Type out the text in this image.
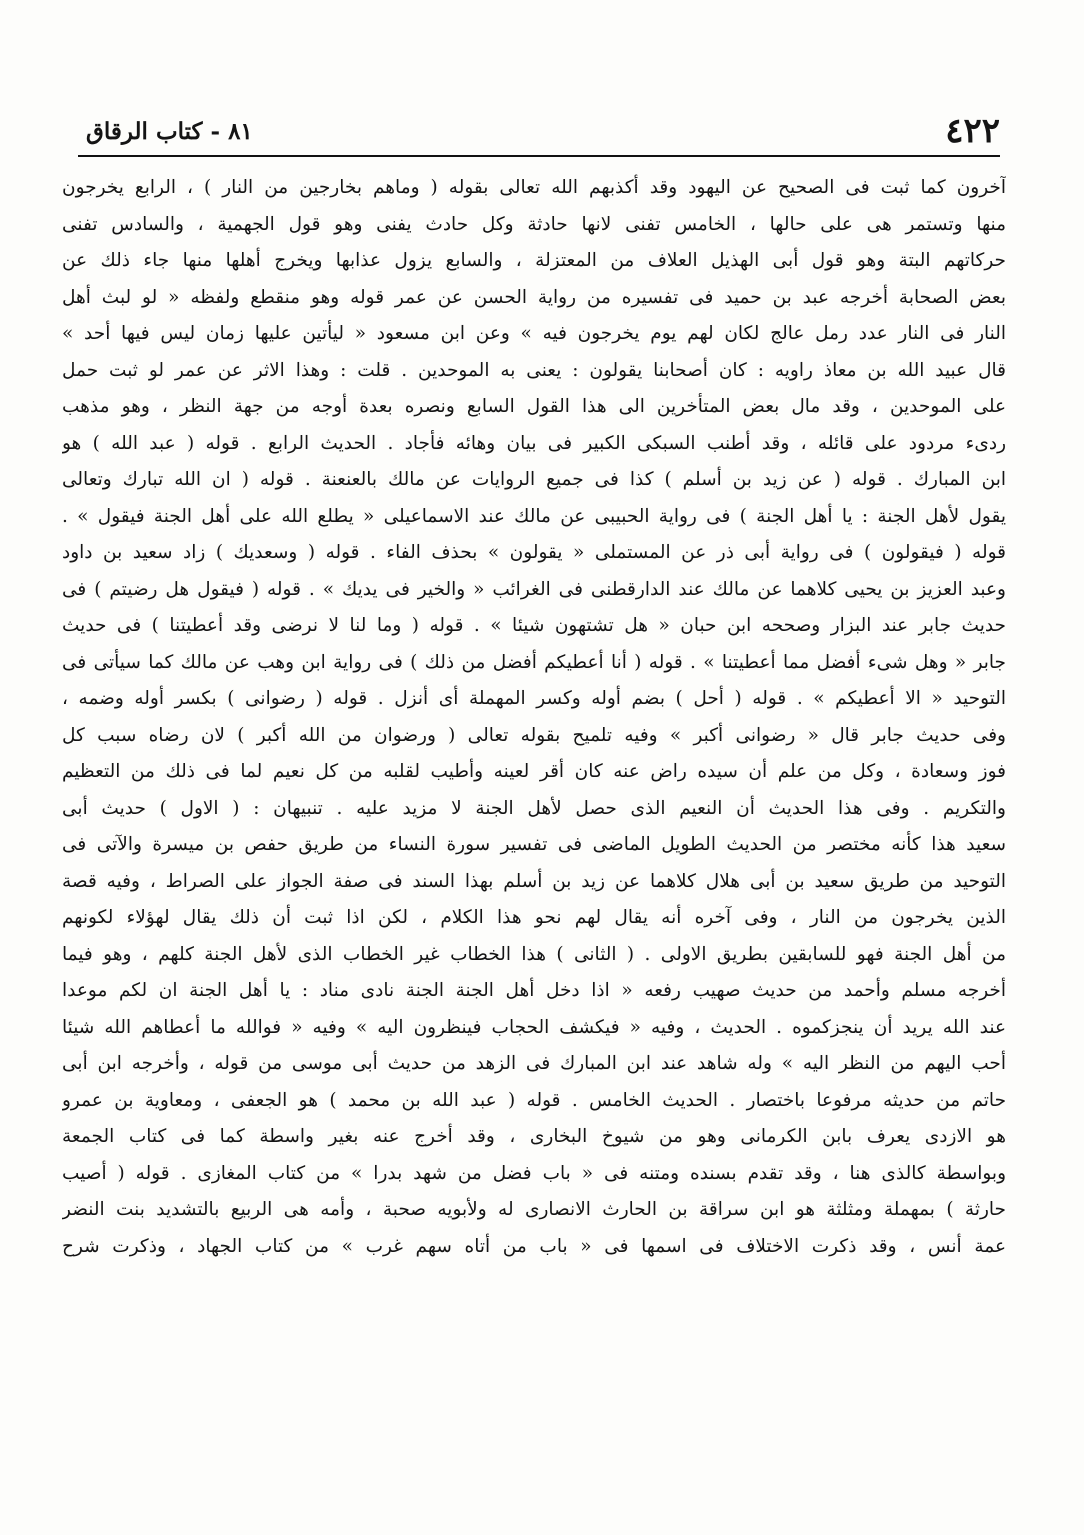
٤٢٢
٨١ - كتاب الرقاق
آخرون كما ثبت فى الصحيح عن اليهود وقد أكذبهم الله تعالى بقوله ( وماهم بخارجين من النار ) ، الرابع يخرجون
منها وتستمر هى على حالها ، الخامس تفنى لانها حادثة وكل حادث يفنى وهو قول الجهمية ، والسادس تفنى
حركاتهم البتة وهو قول أبى الهذيل العلاف من المعتزلة ، والسابع يزول عذابها ويخرج أهلها منها جاء ذلك عن
بعض الصحابة أخرجه عبد بن حميد فى تفسيره من رواية الحسن عن عمر قوله وهو منقطع ولفظه « لو لبث أهل
النار فى النار عدد رمل عالج لكان لهم يوم يخرجون فيه » وعن ابن مسعود « ليأتين عليها زمان ليس فيها أحد »
قال عبيد الله بن معاذ راويه : كان أصحابنا يقولون : يعنى به الموحدين . قلت : وهذا الاثر عن عمر لو ثبت حمل
على الموحدين ، وقد مال بعض المتأخرين الى هذا القول السابع ونصره بعدة أوجه من جهة النظر ، وهو مذهب
ردىء مردود على قائله ، وقد أطنب السبكى الكبير فى بيان وهائه فأجاد . الحديث الرابع . قوله ( عبد الله ) هو
ابن المبارك . قوله ( عن زيد بن أسلم ) كذا فى جميع الروايات عن مالك بالعنعنة . قوله ( ان الله تبارك وتعالى
يقول لأهل الجنة : يا أهل الجنة ) فى رواية الحبيبى عن مالك عند الاسماعيلى « يطلع الله على أهل الجنة فيقول » .
قوله ( فيقولون ) فى رواية أبى ذر عن المستملى « يقولون » بحذف الفاء . قوله ( وسعديك ) زاد سعيد بن داود
وعبد العزيز بن يحيى كلاهما عن مالك عند الدارقطنى فى الغرائب « والخير فى يديك » . قوله ( فيقول هل رضيتم ) فى
حديث جابر عند البزار وصححه ابن حبان « هل تشتهون شيئا » . قوله ( وما لنا لا نرضى وقد أعطيتنا ) فى حديث
جابر « وهل شىء أفضل مما أعطيتنا » . قوله ( أنا أعطيكم أفضل من ذلك ) فى رواية ابن وهب عن مالك كما سيأتى فى
التوحيد « الا أعطيكم » . قوله ( أحل ) بضم أوله وكسر المهملة أى أنزل . قوله ( رضوانى ) بكسر أوله وضمه ،
وفى حديث جابر قال « رضوانى أكبر » وفيه تلميح بقوله تعالى ( ورضوان من الله أكبر ) لان رضاه سبب كل
فوز وسعادة ، وكل من علم أن سيده راض عنه كان أقر لعينه وأطيب لقلبه من كل نعيم لما فى ذلك من التعظيم
والتكريم . وفى هذا الحديث أن النعيم الذى حصل لأهل الجنة لا مزيد عليه . تنبيهان : ( الاول ) حديث أبى
سعيد هذا كأنه مختصر من الحديث الطويل الماضى فى تفسير سورة النساء من طريق حفص بن ميسرة والآتى فى
التوحيد من طريق سعيد بن أبى هلال كلاهما عن زيد بن أسلم بهذا السند فى صفة الجواز على الصراط ، وفيه قصة
الذين يخرجون من النار ، وفى آخره أنه يقال لهم نحو هذا الكلام ، لكن اذا ثبت أن ذلك يقال لهؤلاء لكونهم
من أهل الجنة فهو للسابقين بطريق الاولى . ( الثانى ) هذا الخطاب غير الخطاب الذى لأهل الجنة كلهم ، وهو فيما
أخرجه مسلم وأحمد من حديث صهيب رفعه « اذا دخل أهل الجنة الجنة نادى مناد : يا أهل الجنة ان لكم موعدا
عند الله يريد أن ينجزكموه . الحديث ، وفيه « فيكشف الحجاب فينظرون اليه » وفيه « فوالله ما أعطاهم الله شيئا
أحب اليهم من النظر اليه » وله شاهد عند ابن المبارك فى الزهد من حديث أبى موسى من قوله ، وأخرجه ابن أبى
حاتم من حديثه مرفوعا باختصار . الحديث الخامس . قوله ( عبد الله بن محمد ) هو الجعفى ، ومعاوية بن عمرو
هو الازدى يعرف بابن الكرمانى وهو من شيوخ البخارى ، وقد أخرج عنه بغير واسطة كما فى كتاب الجمعة
وبواسطة كالذى هنا ، وقد تقدم بسنده ومتنه فى « باب فضل من شهد بدرا » من كتاب المغازى . قوله ( أصيب
حارثة ) بمهملة ومثلثة هو ابن سراقة بن الحارث الانصارى له ولأبويه صحبة ، وأمه هى الربيع بالتشديد بنت النضر
عمة أنس ، وقد ذكرت الاختلاف فى اسمها فى « باب من أتاه سهم غرب » من كتاب الجهاد ، وذكرت شرح
